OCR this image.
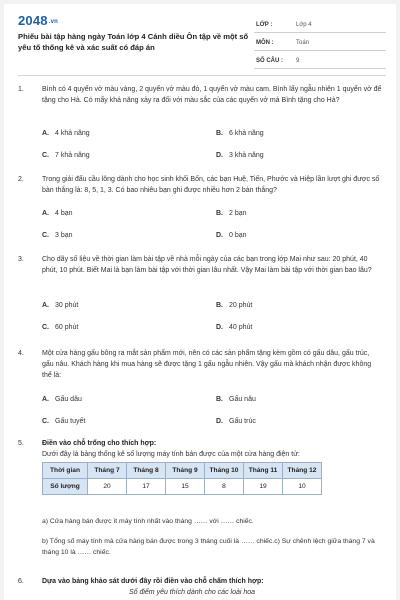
2048.vn
Phiếu bài tập hàng ngày Toán lớp 4 Cánh diều Ôn tập về một số yếu tố thống kê và xác suất có đáp án
LỚP :	Lớp 4
MÔN :	Toán
SỐ CÂU : 9
1.	Bình có 4 quyển vở màu vàng, 2 quyển vở màu đỏ, 1 quyển vở màu cam. Bình lấy ngẫu nhiên 1 quyển vở để tặng cho Hà. Có mấy khả năng xảy ra đối với màu sắc của các quyển vở mà Bình tặng cho Hà?
A. 4 khả năng	B. 6 khả năng
C. 7 khả năng	D. 3 khả năng
2.	Trong giải đấu cầu lông dành cho học sinh khối Bốn, các bạn Huệ, Tiến, Phước và Hiệp lần lượt ghi được số bàn thắng là: 8, 5, 1, 3. Có bao nhiêu bạn ghi được nhiều hơn 2 bàn thắng?
A. 4 bạn	B. 2 bạn
C. 3 bạn	D. 0 bạn
3.	Cho dãy số liệu về thời gian làm bài tập về nhà mỗi ngày của các bạn trong lớp Mai như sau: 20 phút, 40 phút, 10 phút. Biết Mai là bạn làm bài tập với thời gian lâu nhất. Vậy Mai làm bài tập với thời gian bao lâu?
A. 30 phút	B. 20 phút
C. 60 phút	D. 40 phút
4.	Một cửa hàng gấu bông ra mắt sản phẩm mới, nên có các sản phẩm tặng kèm gồm có gấu dâu, gấu trúc, gấu nâu. Khách hàng khi mua hàng sẽ được tặng 1 gấu ngẫu nhiên. Vậy gấu mà khách nhận được không thể là:
A. Gấu dâu	B. Gấu nâu
C. Gấu tuyết	D. Gấu trúc
5.	Điền vào chỗ trống cho thích hợp:
Dưới đây là bảng thống kê số lượng máy tính bán được của một cửa hàng điện tử:
Thời gian	Tháng 7	Tháng 8	Tháng 9	Tháng 10	Tháng 11	Tháng 12
Số lượng	20	17	15	8	19	10
a) Cửa hàng bán được ít máy tính nhất vào tháng …… với …… chiếc.
b) Tổng số máy tính mà cửa hàng bán được trong 3 tháng cuối là …… chiếc.c) Sự chênh lệch giữa tháng 7 và tháng 10 là …… chiếc.
6.	Dựa vào bảng khảo sát dưới đây rồi điền vào chỗ chấm thích hợp:
Số điểm yêu thích dành cho các loài hoa
